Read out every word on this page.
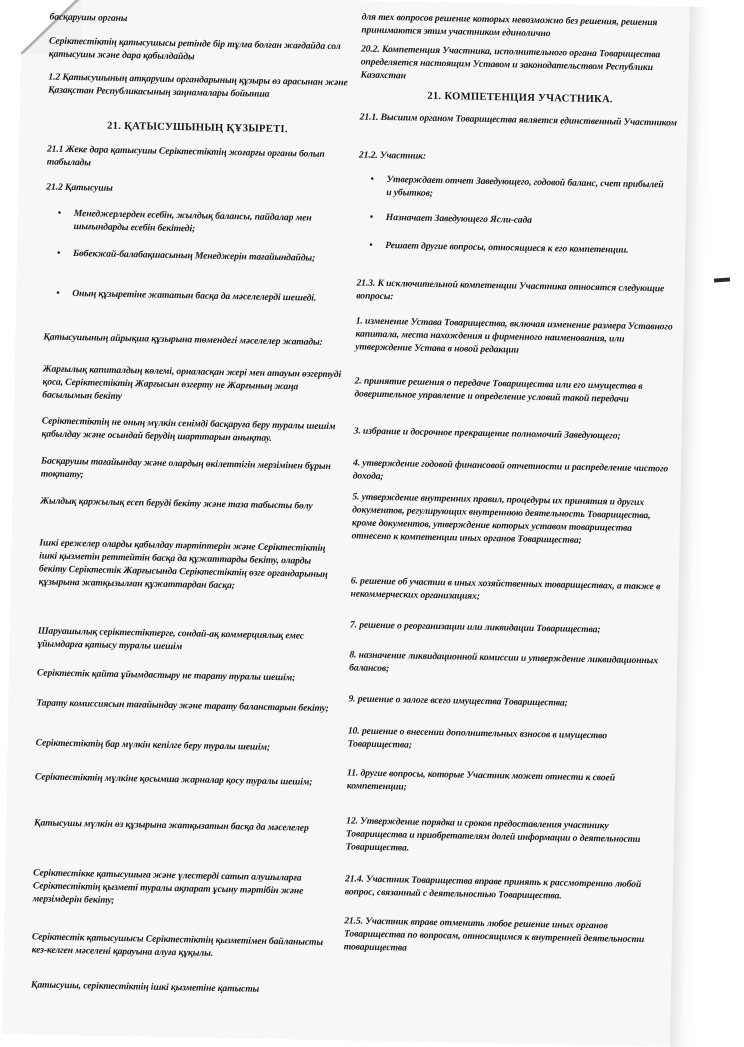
басқарушы органы
Серіктестіктің қатысушысы ретінде бір тұлға болған жағдайда сол қатысушы және дара қабылдайды
1.2 Қатысушының атқарушы органдарының құзыры өз арасынан және Қазақстан Республикасының заңнамалары бойынша
21. ҚАТЫСУШЫНЫҢ ҚҰЗЫРЕТІ.
21.1 Жеке дара қатысушы Серіктестіктің жоғарғы органы болып табылады
21.2 Қатысушы
• Менеджерлерден есебін, жылдық балансы, пайдалар мен шығындарды есебін бекітеді;
• Бөбекжай-балабақшасының Менеджерін тағайындайды;
• Оның құзыретіне жататын басқа да мәселелерді шешеді.
Қатысушының айрықша құзырына төмендегі мәселелер жатады:
Жарғылық капиталдың көлемі, орналасқан жері мен атауын өзгертуді қоса, Серіктестіктің Жарғысын өзгерту не Жарғының жаңа басылымын бекіту
Серіктестіктің не оның мүлкін сенімді басқаруға беру туралы шешім қабылдау және осындай берудің шарттарын анықтау.
Басқарушы тағайындау және олардың өкілеттігін мерзімінен бұрын тоқтату;
Жылдық қаржылық есеп беруді бекіту және таза табысты бөлу
Ішкі ережелер оларды қабылдау тәртіптерін және Серіктестіктің ішкі қызметін реттейтін басқа да құжаттарды бекіту, оларды бекіту Серіктестік Жарғысында Серіктестіктің өзге органдарының құзырына жатқызылған құжаттардан басқа;
Шаруашылық серіктестіктерге, сондай-ақ коммерциялық емес ұйымдарға қатысу туралы шешім
Серіктестік қайта ұйымдастыру не тарату туралы шешім;
Тарату комиссиясын тағайындау және тарату баланстарын бекіту;
Серіктестіктің бар мүлкін кепілге беру туралы шешім;
Серіктестіктің мүлкіне қосымша жарналар қосу туралы шешім;
Қатысушы мүлкін өз құзырына жатқызатын басқа да мәселелер
Серіктестікке қатысушыға және үлестерді сатып алушыларға Серіктестіктің қызметі туралы ақпарат ұсыну тәртібін және мерзімдерін бекіту;
Серіктестік қатысушысы Серіктестіктің қызметімен байланысты кез-келген мәселені қарауына алуға құқылы.
Қатысушы, серіктестіктің ішкі қызметіне қатысты
для тех вопросов решение которых невозможно без решения, решения принимаются этим участником единолично
20.2. Компетенция Участника, исполнительного органа Товарищества определяется настоящим Уставом и законодательством Республики Казахстан
21. КОМПЕТЕНЦИЯ УЧАСТНИКА.
21.1. Высшим органом Товарищества является единственный Участником
21.2. Участник:
• Утверждает отчет Заведующего, годовой баланс, счет прибылей и убытков;
• Назначает Заведующего Ясли-сада
• Решает другие вопросы, относящиеся к его компетенции.
21.3. К исключительной компетенции Участника относятся следующие вопросы:
1. изменение Устава Товарищества, включая изменение размера Уставного капитала, места нахождения и фирменного наименования, или утверждение Устава в новой редакции
2. принятие решения о передаче Товарищества или его имущества в доверительное управление и определение условий такой передачи
3. избрание и досрочное прекращение полномочий Заведующего;
4. утверждение годовой финансовой отчетности и распределение чистого дохода;
5. утверждение внутренних правил, процедуры их принятия и других документов, регулирующих внутреннюю деятельность Товарищества, кроме документов, утверждение которых уставом товарищества отнесено к компетенции иных органов Товарищества;
6. решение об участии в иных хозяйственных товариществах, а также в некоммерческих организациях;
7. решение о реорганизации или ликвидации Товарищества;
8. назначение ликвидационной комиссии и утверждение ликвидационных балансов;
9. решение о залоге всего имущества Товарищества;
10. решение о внесении дополнительных взносов в имущество Товарищества;
11. другие вопросы, которые Участник может отнести к своей компетенции;
12. Утверждение порядка и сроков предоставления участнику Товарищества и приобретателям долей информации о деятельности Товарищества.
21.4. Участник Товарищества вправе принять к рассмотрению любой вопрос, связанный с деятельностью Товарищества.
21.5. Участник вправе отменить любое решение иных органов Товарищества по вопросам, относящимся к внутренней деятельности товарищества
